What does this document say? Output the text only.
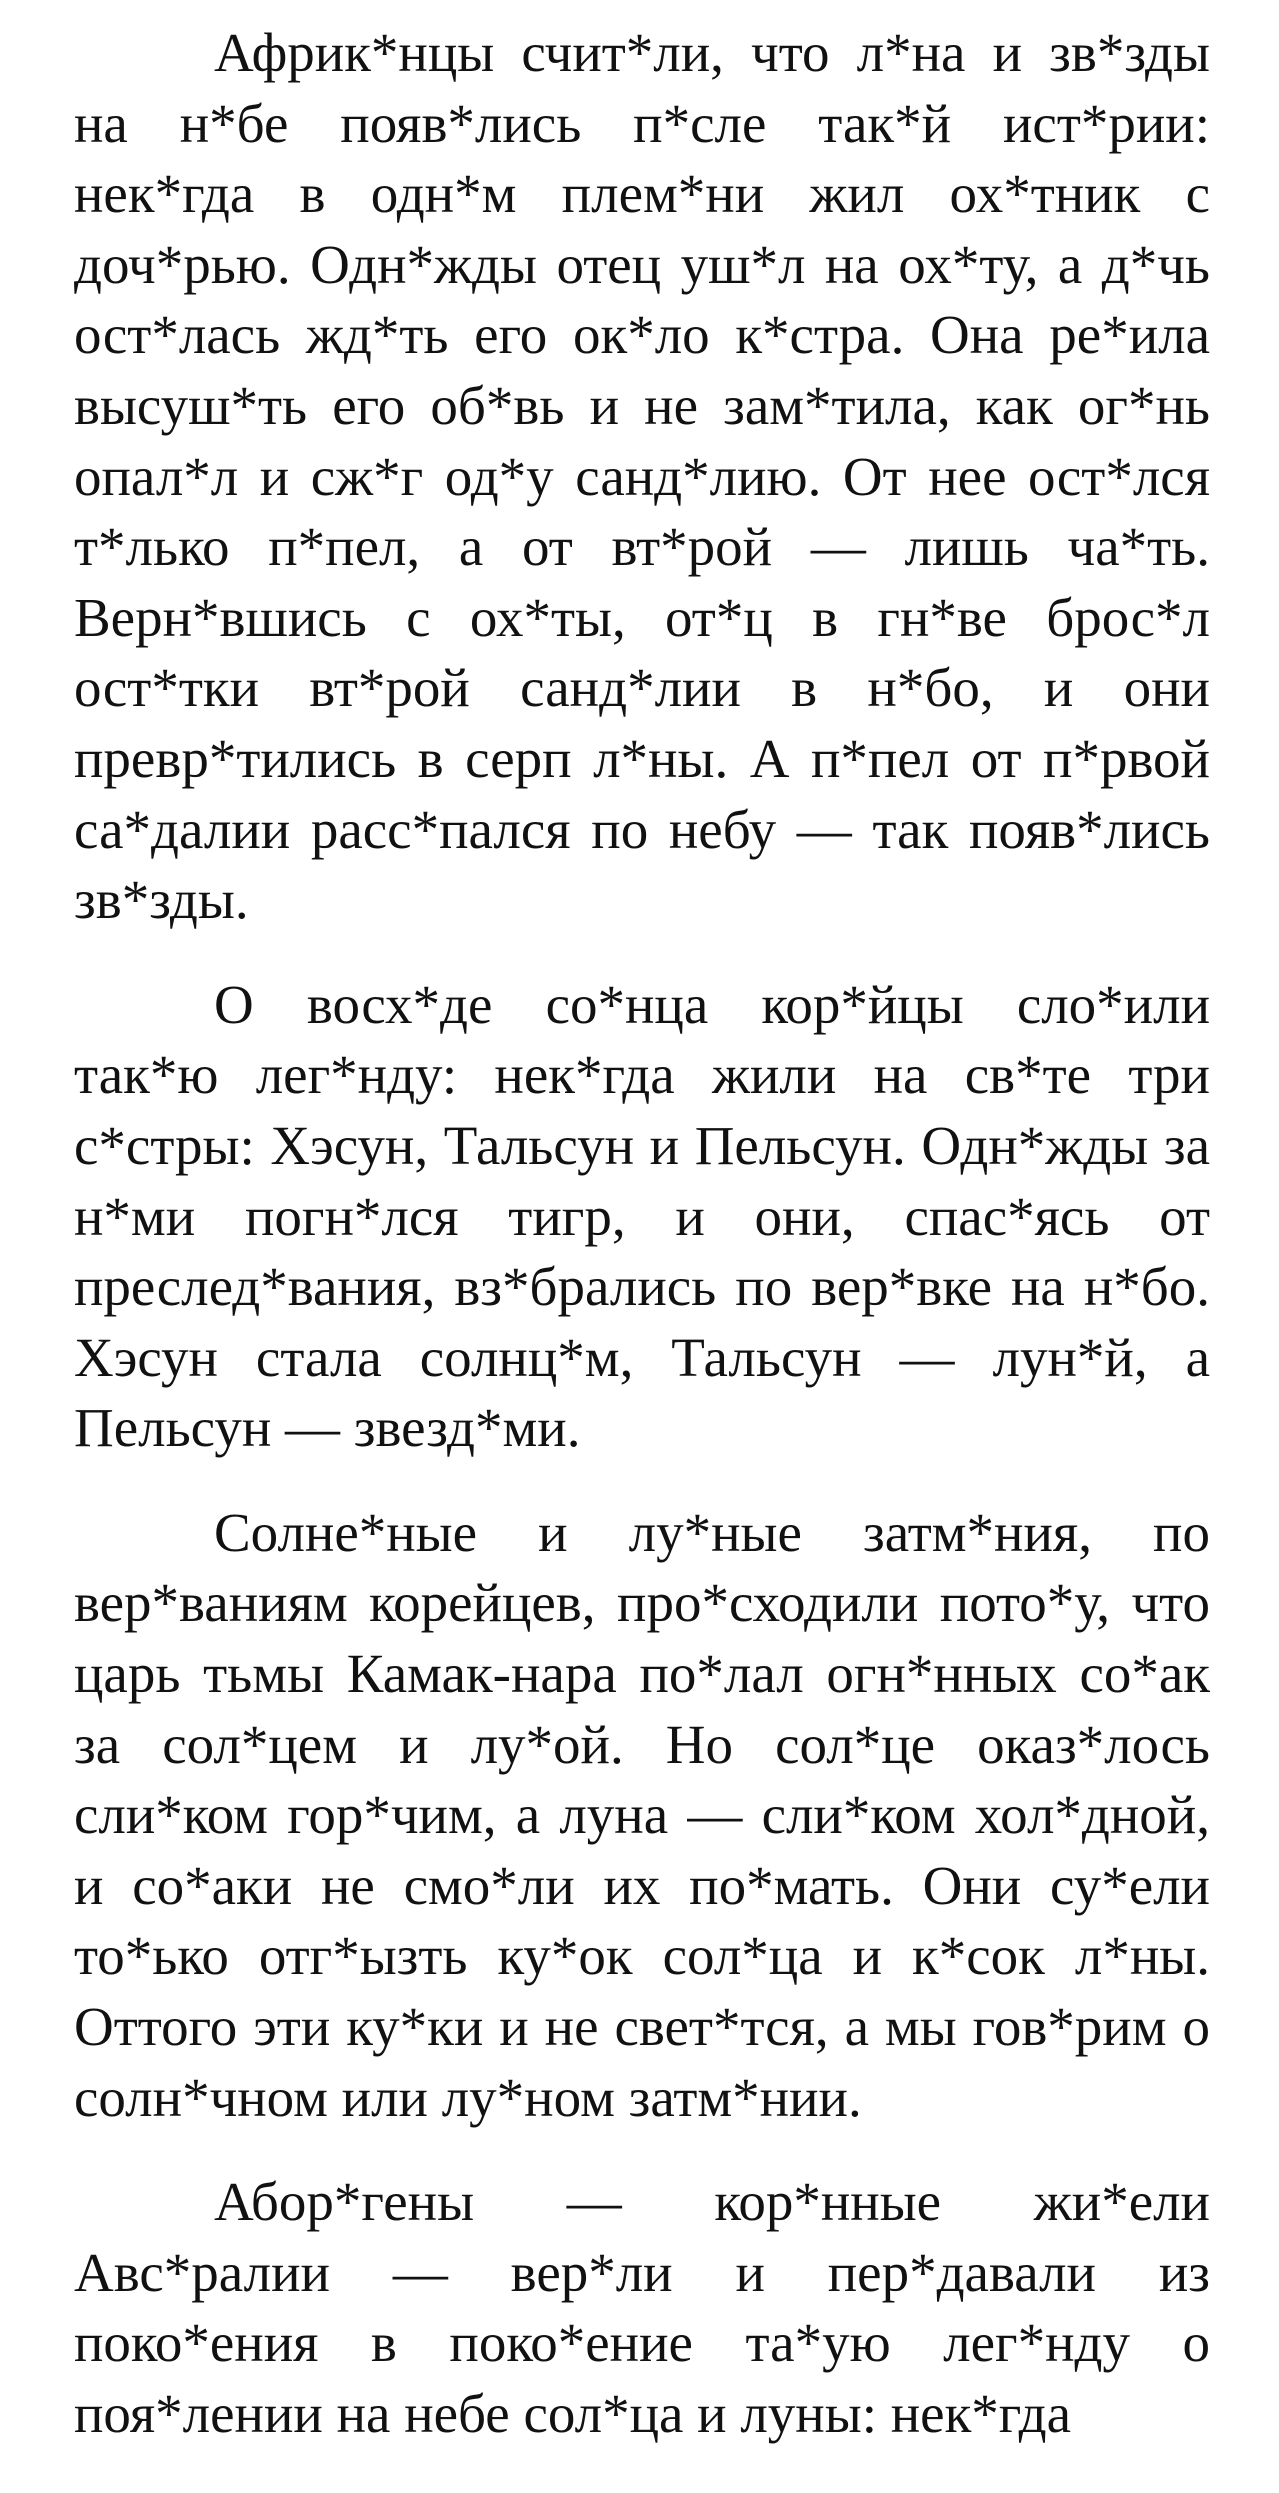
Африк*нцы счит*ли, что л*на и зв*зды на н*бе появ*лись п*сле так*й ист*рии: нек*гда в одн*м плем*ни жил ох*тник с доч*рью. Одн*жды отец уш*л на ох*ту, а д*чь ост*лась жд*ть его ок*ло к*стра. Она ре*ила высуш*ть его об*вь и не зам*тила, как ог*нь опал*л и сж*г од*у санд*лию. От нее ост*лся т*лько п*пел, а от вт*рой — лишь ча*ть. Верн*вшись с ох*ты, от*ц в гн*ве брос*л ост*тки вт*рой санд*лии в н*бо, и они превр*тились в серп л*ны. А п*пел от п*рвой са*далии расс*пался по небу — так появ*лись зв*зды.

О восх*де со*нца кор*йцы сло*или так*ю лег*нду: нек*гда жили на св*те три с*стры: Хэсун, Тальсун и Пельсун. Одн*жды за н*ми погн*лся тигр, и они, спас*ясь от преслед*вания, вз*брались по вер*вке на н*бо. Хэсун стала солнц*м, Тальсун — лун*й, а Пельсун — звезд*ми.

Солне*ные и лу*ные затм*ния, по вер*ваниям корейцев, про*сходили пото*у, что царь тьмы Камак-нара по*лал огн*нных со*ак за сол*цем и лу*ой. Но сол*це оказ*лось сли*ком гор*чим, а луна — сли*ком хол*дной, и со*аки не смо*ли их по*мать. Они су*ели то*ько отг*ызть ку*ок сол*ца и к*сок л*ны. Оттого эти ку*ки и не свет*тся, а мы гов*рим о солн*чном или лу*ном затм*нии.

Абор*гены — кор*нные жи*ели Авс*ралии — вер*ли и пер*давали из поко*ения в поко*ение та*ую лег*нду о поя*лении на небе сол*ца и луны: нек*гда
